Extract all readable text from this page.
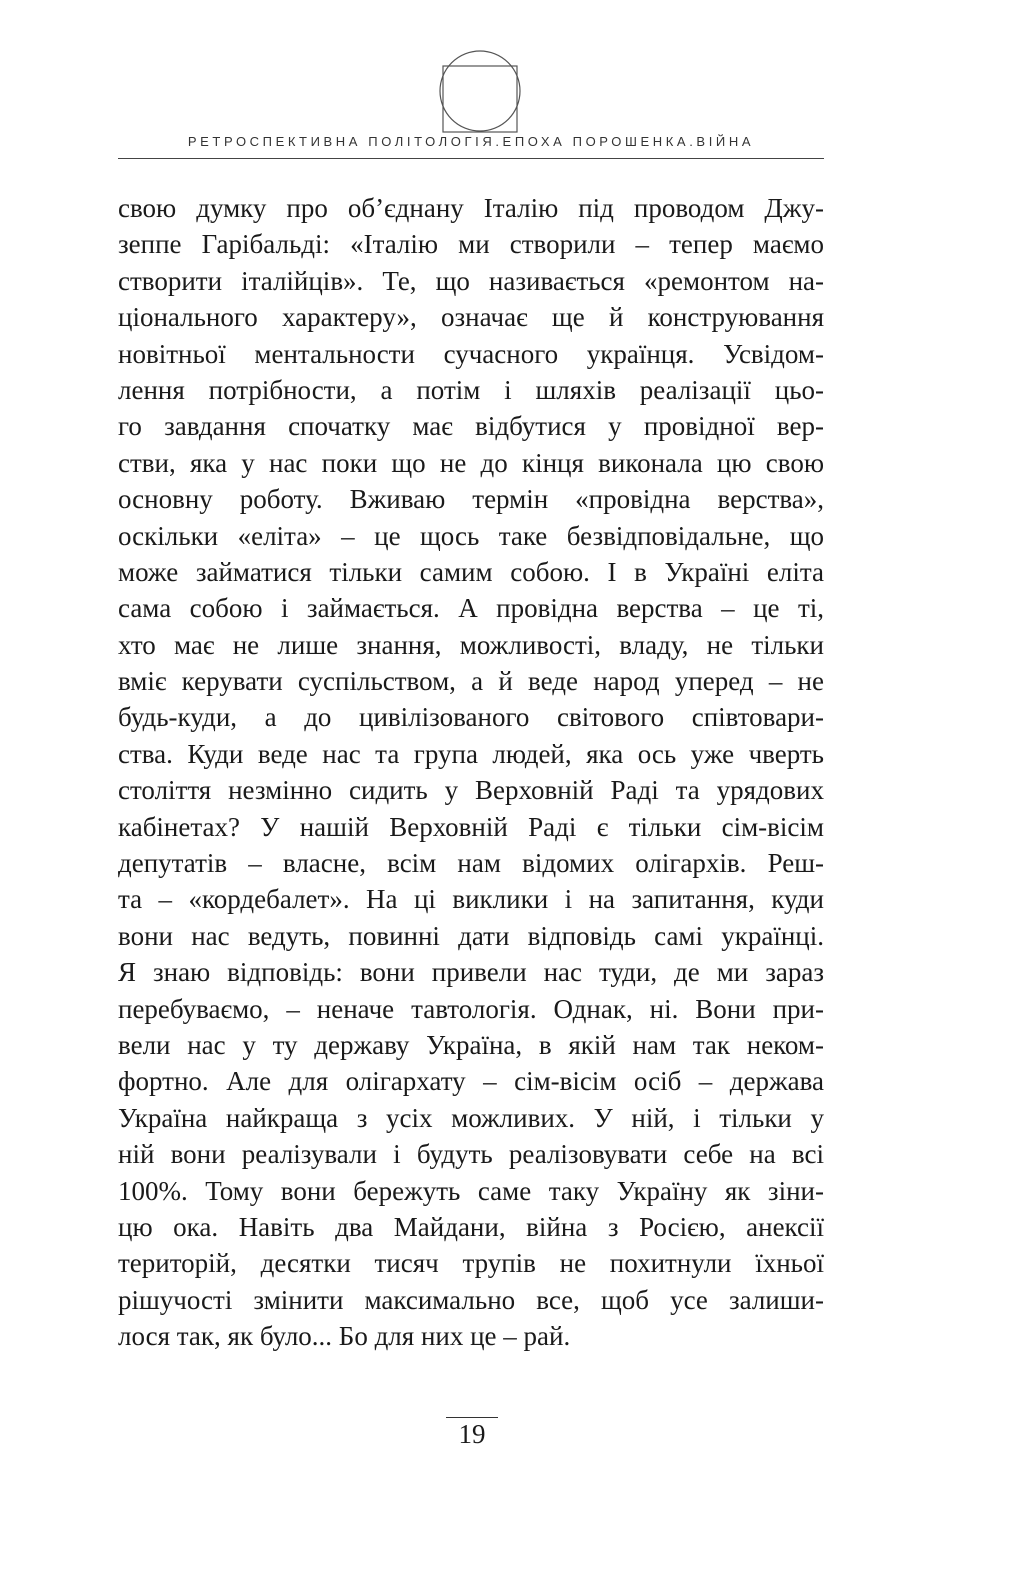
РЕТРОСПЕКТИВНА ПОЛІТОЛОГІЯ.ЕПОХА ПОРОШЕНКА.ВІЙНА
свою думку про об’єднану Італію під проводом Джу-
зеппе Гарібальді: «Італію ми створили – тепер маємо
створити італійців». Те, що називається «ремонтом на-
ціонального характеру», означає ще й конструювання
новітньої ментальности сучасного українця. Усвідом-
лення потрібности, а потім і шляхів реалізації цьо-
го завдання спочатку має відбутися у провідної вер-
стви, яка у нас поки що не до кінця виконала цю свою
основну роботу. Вживаю термін «провідна верства»,
оскільки «еліта» – це щось таке безвідповідальне, що
може займатися тільки самим собою. І в Україні еліта
сама собою і займається. А провідна верства – це ті,
хто має не лише знання, можливості, владу, не тільки
вміє керувати суспільством, а й веде народ уперед – не
будь-куди, а до цивілізованого світового співтовари-
ства. Куди веде нас та група людей, яка ось уже чверть
століття незмінно сидить у Верховній Раді та урядових
кабінетах? У нашій Верховній Раді є тільки сім-вісім
депутатів – власне, всім нам відомих олігархів. Реш-
та – «кордебалет». На ці виклики і на запитання, куди
вони нас ведуть, повинні дати відповідь самі українці.
Я знаю відповідь: вони привели нас туди, де ми зараз
перебуваємо, – неначе тавтологія. Однак, ні. Вони при-
вели нас у ту державу Україна, в якій нам так неком-
фортно. Але для олігархату – сім-вісім осіб – держава
Україна найкраща з усіх можливих. У ній, і тільки у
ній вони реалізували і будуть реалізовувати себе на всі
100%. Тому вони бережуть саме таку Україну як зіни-
цю ока. Навіть два Майдани, війна з Росією, анексії
територій, десятки тисяч трупів не похитнули їхньої
рішучості змінити максимально все, щоб усе залиши-
лося так, як було... Бо для них це – рай.
19
